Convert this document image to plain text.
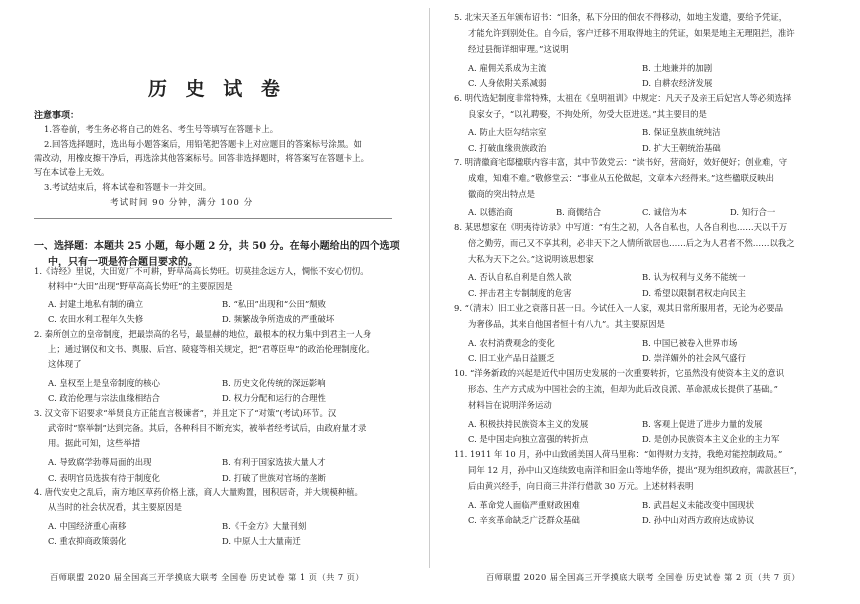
历 史 试 卷
注意事项：
1.答卷前，考生务必将自己的姓名、考生号等填写在答题卡上。
2.回答选择题时，选出每小题答案后，用铅笔把答题卡上对应题目的答案标号涂黑。如
需改动，用橡皮擦干净后，再选涂其他答案标号。回答非选择题时，将答案写在答题卡上。
写在本试卷上无效。
3.考试结束后，将本试卷和答题卡一并交回。
考试时间 90 分钟，满分 100 分
一、选择题：本题共 25 小题，每小题 2 分，共 50 分。在每小题给出的四个选项
中，只有一项是符合题目要求的。
1.《诗经》里说，大田宽广不可耕，野草高高长势旺。切莫挂念远方人，惆怅不安心忉忉。
材料中“大田”出现“野草高高长势旺”的主要原因是
A. 封建土地私有制的确立	B. “私田”出现和“公田”颓败
C. 农田水利工程年久失修	D. 频繁战争所造成的严重破坏
2. 秦所创立的皇帝制度，把最崇高的名号，最显赫的地位，最根本的权力集中到君主一人身
上；通过钢仪和文书、舆服、后宫、陵寝等相关规定，把“君尊臣卑”的政治伦理制度化。
这体现了
A. 皇权至上是皇帝制度的核心	B. 历史文化传统的深远影响
C. 政治伦理与宗法血缘相结合	D. 权力分配和运行的合理性
3. 汉文帝下诏要求“举贤良方正能直言极谏者”，并且定下了“对策”(考试)环节。汉
武帝时“察举制”达到完备。其后，各种科目不断充实，被举者经考试后，由政府量才录
用。据此可知，这些举措
A. 导致腐学勃尊局面的出现	B. 有利于国家选拔大量人才
C. 表明官员选拔有待于制度化	D. 打破了世族对官场的垄断
4. 唐代安史之乱后，南方地区草药价格上涨，商人大量购置，囤积居奇，并大规模种植。
从当时的社会状况看，其主要原因是
A. 中国经济重心南移	B.《千金方》大量刊刻
C. 重农抑商政策弱化	D. 中原人士大量南迁
百师联盟 2020 届全国高三开学摸底大联考 全国卷 历史试卷 第 1 页（共 7 页）
5. 北宋天圣五年颁布诏书：“旧条，私下分田的佃农不得移动，如地主发遣，要给予凭证，
才能允许到别处住。自今后，客户迁移不用取得地主的凭证，如果是地主无理阻拦，准许
经过县衙详细审理。”这说明
A. 雇佣关系成为主流	B. 土地兼并的加剧
C. 人身依附关系减弱	D. 自耕农经济发展
6. 明代选妃制度非常特殊，太祖在《皇明祖训》中规定：凡天子及亲王后妃宫人等必须选择
良家女子，“以礼聘娶，不拘处所，勿受大臣进送。”其主要目的是
A. 防止大臣勾结宗室	B. 保证皇族血统纯洁
C. 打破血缘贵族政治	D. 扩大王朝统治基础
7. 明清徽商宅邸楹联内容丰富，其中节敛党云：“读书好，营商好，效好便好；创业难，守
成难，知难不难。”敬修堂云：“事业从五伦做起，文章本六经得来。”这些楹联反映出
徽商的突出特点是
A. 以德治商	B. 商儒结合	C. 诚信为本	D. 知行合一
8. 某思想家在《明夷待访录》中写道：“有生之初，人各自私也，人各自利也……天以千万
倍之勤劳，而己又不享其利，必非天下之人情所欲居也……后之为人君者不然……以我之
大私为天下之公。”这说明该思想家
A. 否认自私自利是自然人欲	B. 认为权利与义务不能统一
C. 抨击君主专制制度的危害	D. 希望以限制君权走向民主
9. “（清末）旧工业之衰落日甚一日。今试任入一人家，观其日常所服用者，无论为必要品
为奢侈品，其来自他国者恒十有八九”。其主要原因是
A. 农村消费观念的变化	B. 中国已被卷入世界市场
C. 旧工业产品日益匮乏	D. 崇洋媚外的社会风气盛行
10. “洋务新政的兴起是近代中国历史发展的一次重要转折，它虽然没有使资本主义的意识
形态、生产方式成为中国社会的主流，但却为此后改良派、革命派成长提供了基础。”
材料旨在说明洋务运动
A. 积极扶持民族资本主义的发展	B. 客观上促进了进步力量的发展
C. 是中国走向独立富强的转折点	D. 是创办民族资本主义企业的主力军
11. 1911 年 10 月，孙中山致函美国人荷马里称：“如得财力支持，我绝对能控制政局。”
同年 12 月，孙中山又连续致电南洋和旧金山等地华侨，提出“现为组织政府，需款甚巨”，
后由黄兴经手，向日商三井洋行借款 30 万元。上述材料表明
A. 革命党人面临严重财政困难	B. 武昌起义未能改变中国现状
C. 辛亥革命缺乏广泛群众基础	D. 孙中山对西方政府达成协议
百师联盟 2020 届全国高三开学摸底大联考 全国卷 历史试卷 第 2 页（共 7 页）
